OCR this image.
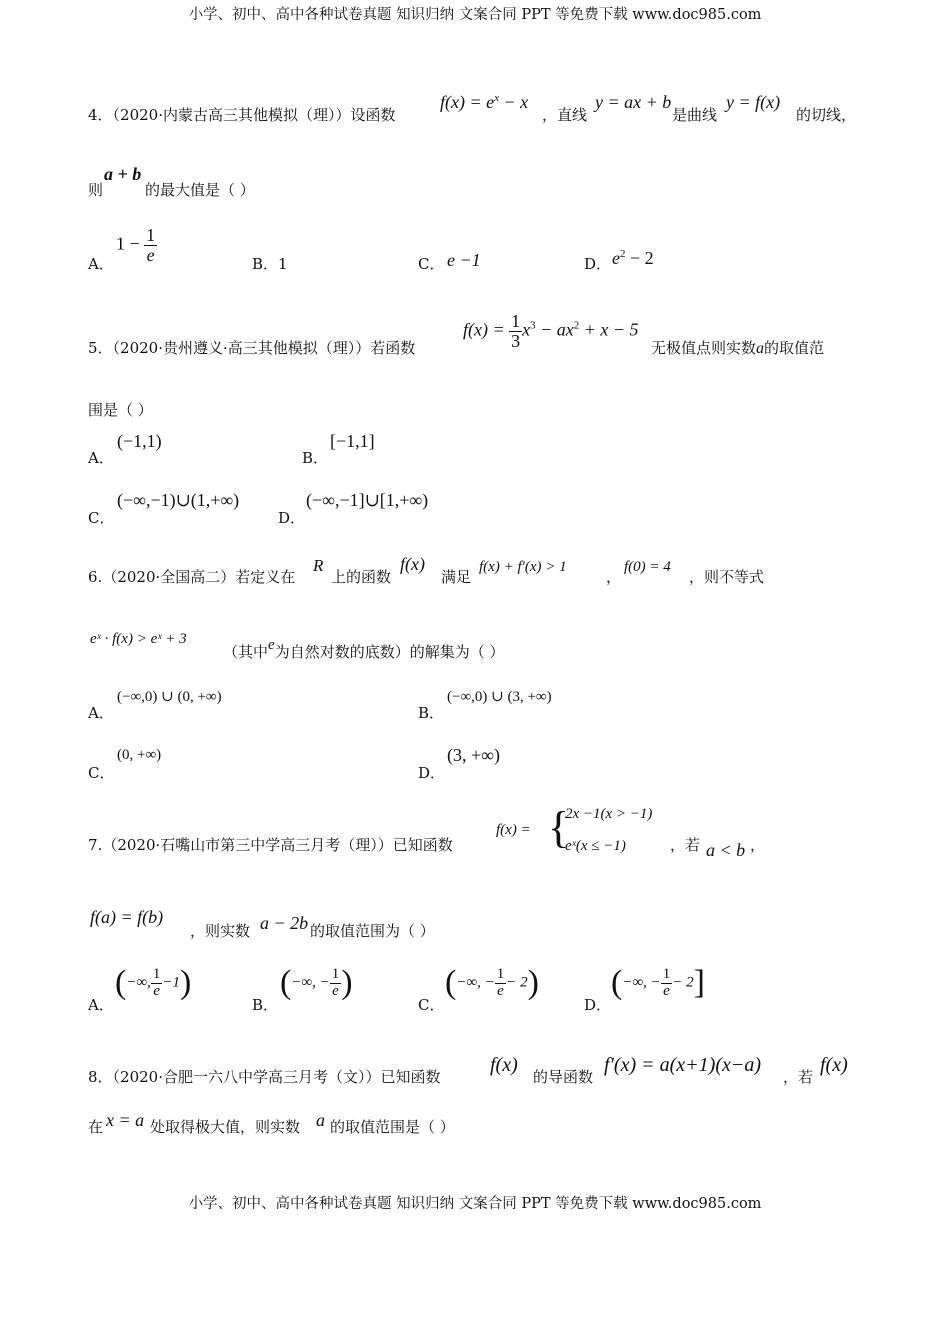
小学、初中、高中各种试卷真题 知识归纳 文案合同 PPT 等免费下载 www.doc985.com
4．（2020·内蒙古高三其他模拟（理））设函数
$f(x) = e^x - x$
，直线
y = ax + b
是曲线
y = f(x)
的切线，
则
a + b
的最大值是（ ）
A．
$1 - \frac{1}{e}$	B．1	C． e −1	D． $e^2 - 2$
5．（2020·贵州遵义·高三其他模拟（理））若函数
$f(x) = \frac{1}{3} x^3 - ax^2 + x - 5$
无极值点则实数a的取值范
围是（ ）
A．
(−1,1)
B．
[−1,1]
C．
(−∞,−1)∪(1,+∞)
D．
(−∞,−1]∪[1,+∞)
6.（2020·全国高二）若定义在
R
上的函数
f(x)
满足
f(x) + f′(x) > 1
，
f(0) = 4
，则不等式
eˣ · f(x) > eˣ + 3
（其中e为自然对数的底数）的解集为（ ）
A．
(−∞,0) ∪ (0, +∞)
B．
(−∞,0) ∪ (3, +∞)
C．
(0, +∞)
D．
(3, +∞)
7.（2020·石嘴山市第三中学高三月考（理））已知函数
f(x) = {
2x −1(x > −1)
eˣ(x ≤ −1)	，若 a < b ，
f(a) = f(b)
，则实数 a − 2b 的取值范围为（ ）
A．
(−∞, $\frac{1}{e} -1$)
B．
(−∞, − $\frac{1}{e}$ )
C．
(−∞, − $\frac{1}{e} - 2$)
D．
(−∞, − $\frac{1}{e} - 2$]
8．（2020·合肥一六八中学高三月考（文））已知函数
f(x)
的导函数
f′(x) = a(x+1)(x−a)
，若
f(x)
在 x = a 处取得极大值，则实数 a 的取值范围是（ ）
小学、初中、高中各种试卷真题 知识归纳 文案合同 PPT 等免费下载 www.doc985.com
